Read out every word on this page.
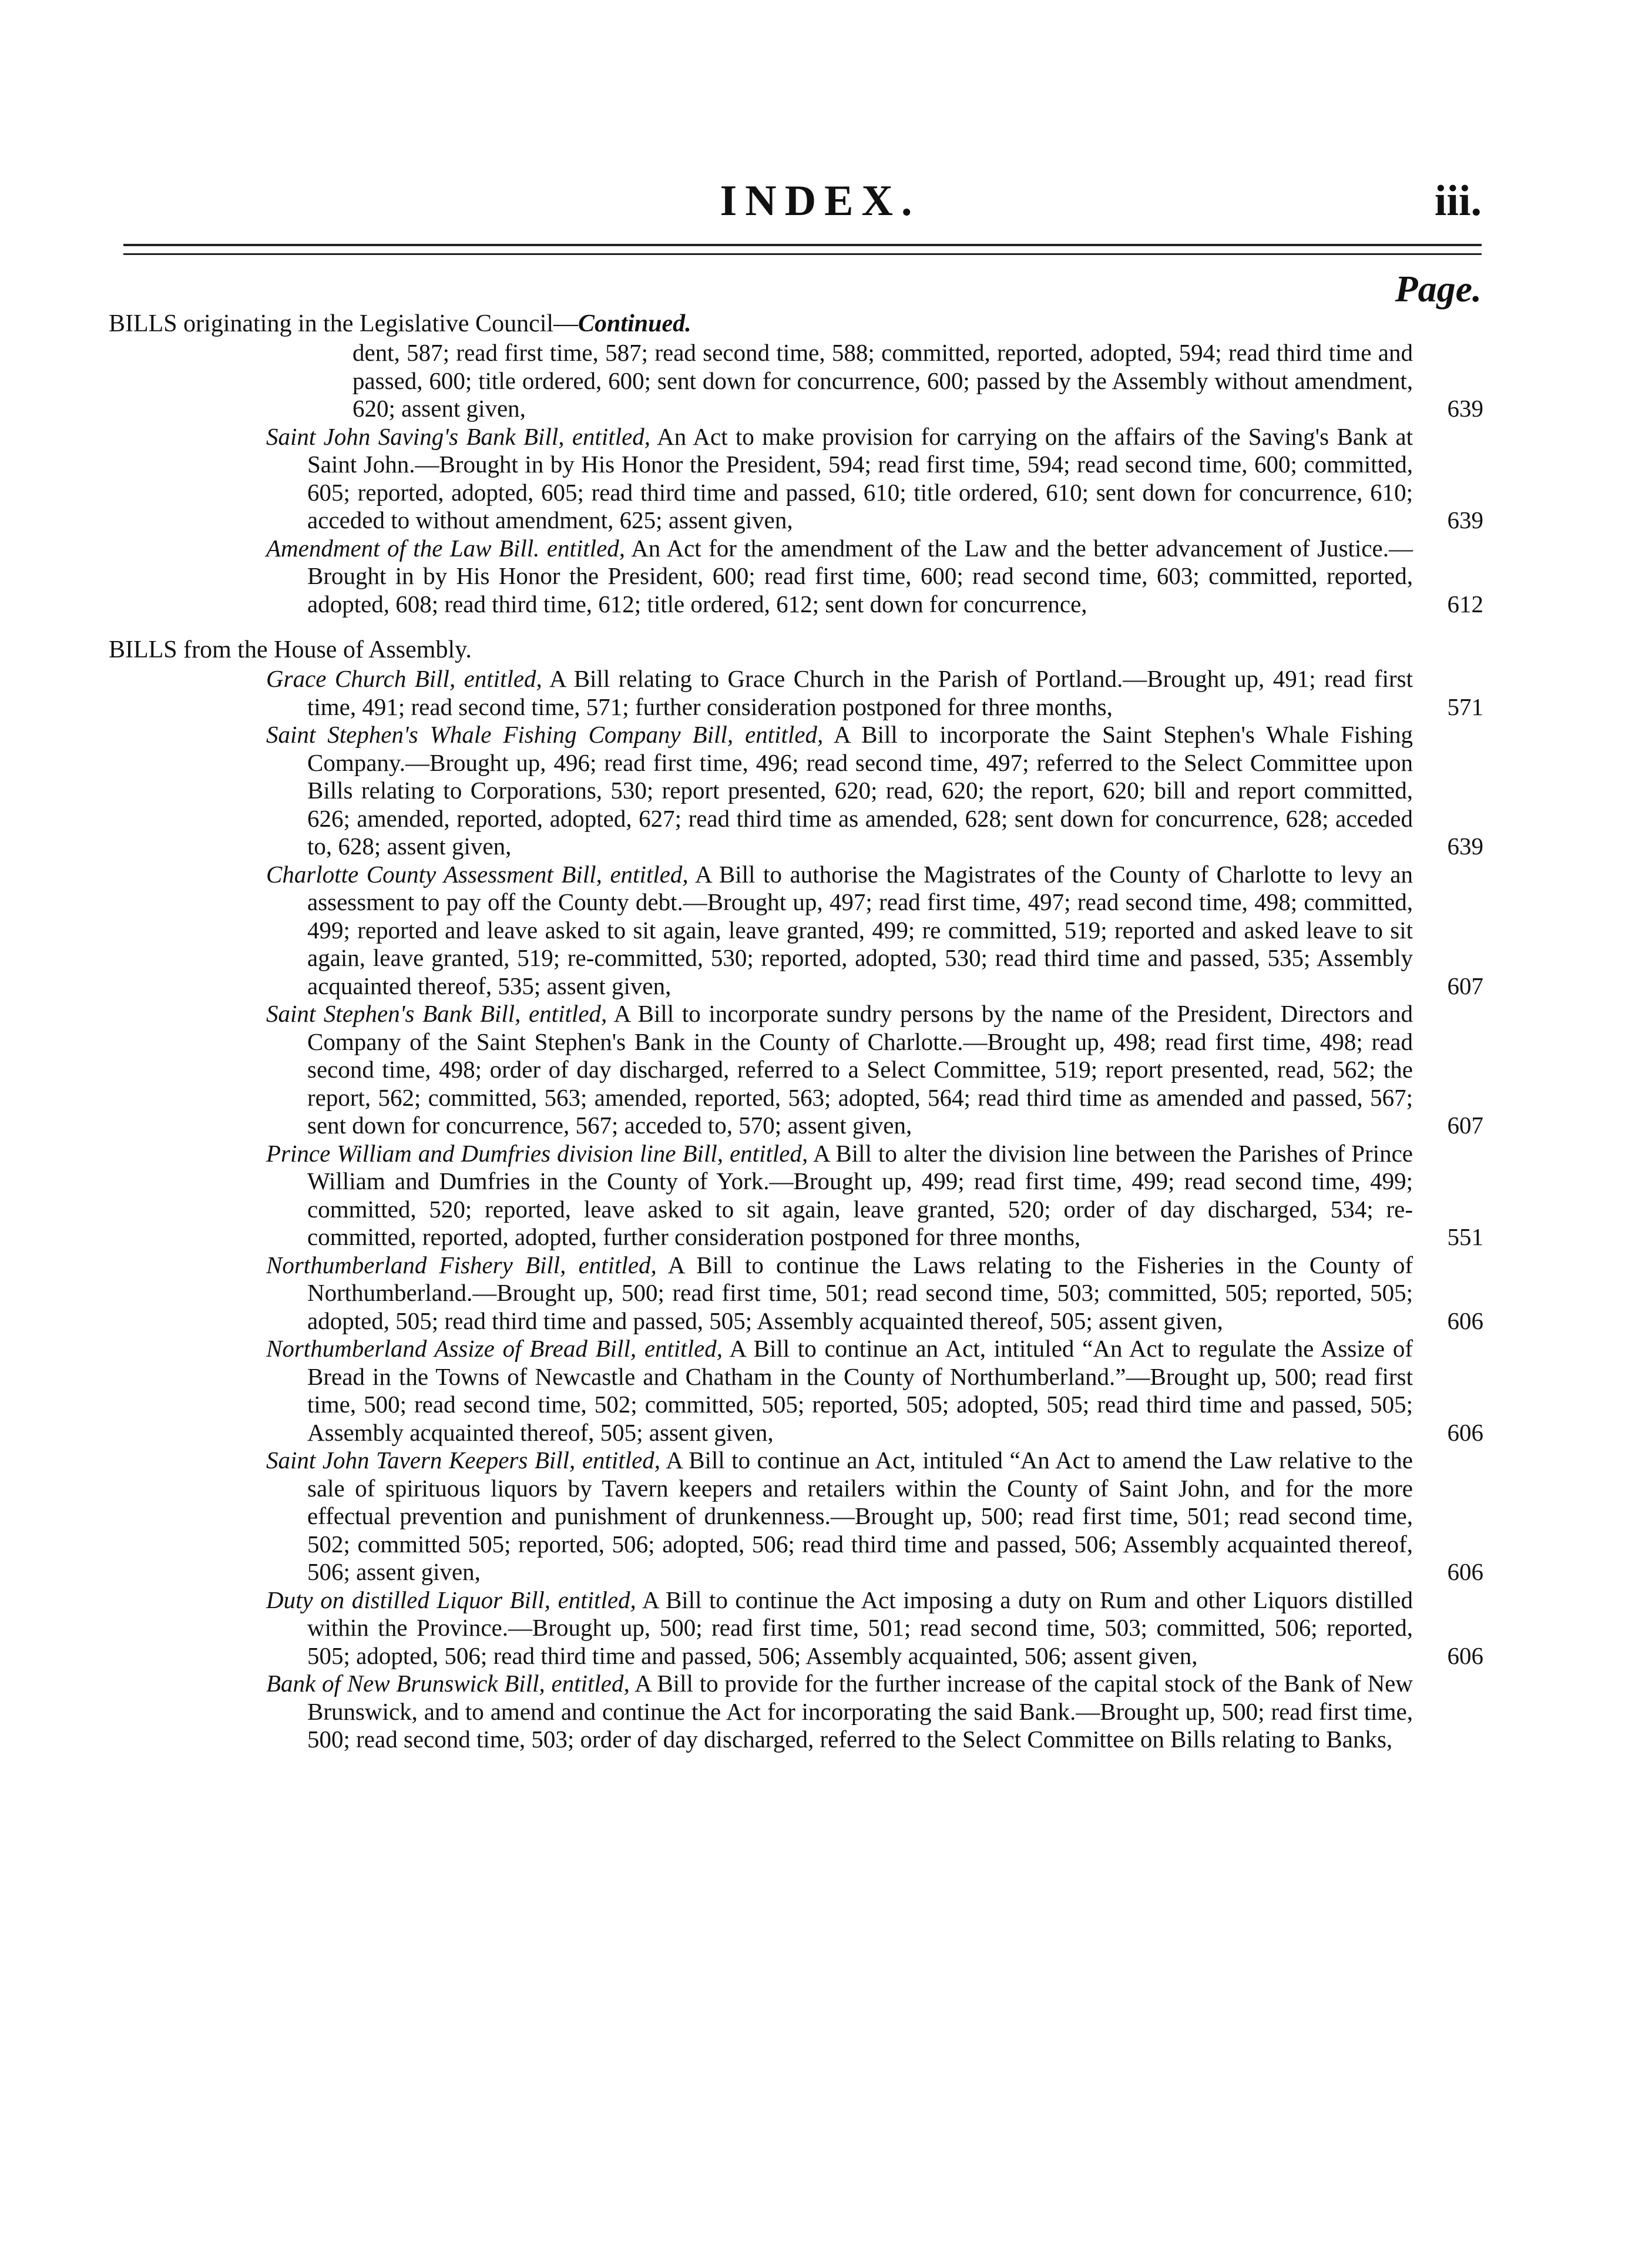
INDEX.	iii.
Page.
BILLS originating in the Legislative Council—Continued.
dent, 587; read first time, 587; read second time, 588; committed, reported, adopted, 594; read third time and passed, 600; title ordered, 600; sent down for concurrence, 600; passed by the Assembly without amendment, 620; assent given,	639
Saint John Saving's Bank Bill, entitled, An Act to make provision for carrying on the affairs of the Saving's Bank at Saint John.—Brought in by His Honor the President, 594; read first time, 594; read second time, 600; committed, 605; reported, adopted, 605; read third time and passed, 610; title ordered, 610; sent down for concurrence, 610; acceded to without amendment, 625; assent given,	639
Amendment of the Law Bill. entitled, An Act for the amendment of the Law and the better advancement of Justice.—Brought in by His Honor the President, 600; read first time, 600; read second time, 603; committed, reported, adopted, 608; read third time, 612; title ordered, 612; sent down for concurrence,	612
BILLS from the House of Assembly.
Grace Church Bill, entitled, A Bill relating to Grace Church in the Parish of Portland.—Brought up, 491; read first time, 491; read second time, 571; further consideration postponed for three months,	571
Saint Stephen's Whale Fishing Company Bill, entitled, A Bill to incorporate the Saint Stephen's Whale Fishing Company.—Brought up, 496; read first time, 496; read second time, 497; referred to the Select Committee upon Bills relating to Corporations, 530; report presented, 620; read, 620; the report, 620; bill and report committed, 626; amended, reported, adopted, 627; read third time as amended, 628; sent down for concurrence, 628; acceded to, 628; assent given,	639
Charlotte County Assessment Bill, entitled, A Bill to authorise the Magistrates of the County of Charlotte to levy an assessment to pay off the County debt.—Brought up, 497; read first time, 497; read second time, 498; committed, 499; reported and leave asked to sit again, leave granted, 499; re committed, 519; reported and asked leave to sit again, leave granted, 519; re-committed, 530; reported, adopted, 530; read third time and passed, 535; Assembly acquainted thereof, 535; assent given,	607
Saint Stephen's Bank Bill, entitled, A Bill to incorporate sundry persons by the name of the President, Directors and Company of the Saint Stephen's Bank in the County of Charlotte.—Brought up, 498; read first time, 498; read second time, 498; order of day discharged, referred to a Select Committee, 519; report presented, read, 562; the report, 562; committed, 563; amended, reported, 563; adopted, 564; read third time as amended and passed, 567; sent down for concurrence, 567; acceded to, 570; assent given,	607
Prince William and Dumfries division line Bill, entitled, A Bill to alter the division line between the Parishes of Prince William and Dumfries in the County of York.—Brought up, 499; read first time, 499; read second time, 499; committed, 520; reported, leave asked to sit again, leave granted, 520; order of day discharged, 534; re-committed, reported, adopted, further consideration postponed for three months,	551
Northumberland Fishery Bill, entitled, A Bill to continue the Laws relating to the Fisheries in the County of Northumberland.—Brought up, 500; read first time, 501; read second time, 503; committed, 505; reported, 505; adopted, 505; read third time and passed, 505; Assembly acquainted thereof, 505; assent given,	606
Northumberland Assize of Bread Bill, entitled, A Bill to continue an Act, intituled “An Act to regulate the Assize of Bread in the Towns of Newcastle and Chatham in the County of Northumberland.”—Brought up, 500; read first time, 500; read second time, 502; committed, 505; reported, 505; adopted, 505; read third time and passed, 505; Assembly acquainted thereof, 505; assent given,	606
Saint John Tavern Keepers Bill, entitled, A Bill to continue an Act, intituled “An Act to amend the Law relative to the sale of spirituous liquors by Tavern keepers and retailers within the County of Saint John, and for the more effectual prevention and punishment of drunkenness.—Brought up, 500; read first time, 501; read second time, 502; committed 505; reported, 506; adopted, 506; read third time and passed, 506; Assembly acquainted thereof, 506; assent given,	606
Duty on distilled Liquor Bill, entitled, A Bill to continue the Act imposing a duty on Rum and other Liquors distilled within the Province.—Brought up, 500; read first time, 501; read second time, 503; committed, 506; reported, 505; adopted, 506; read third time and passed, 506; Assembly acquainted, 506; assent given,	606
Bank of New Brunswick Bill, entitled, A Bill to provide for the further increase of the capital stock of the Bank of New Brunswick, and to amend and continue the Act for incorporating the said Bank.—Brought up, 500; read first time, 500; read second time, 503; order of day discharged, referred to the Select Committee on Bills relating to Banks,
